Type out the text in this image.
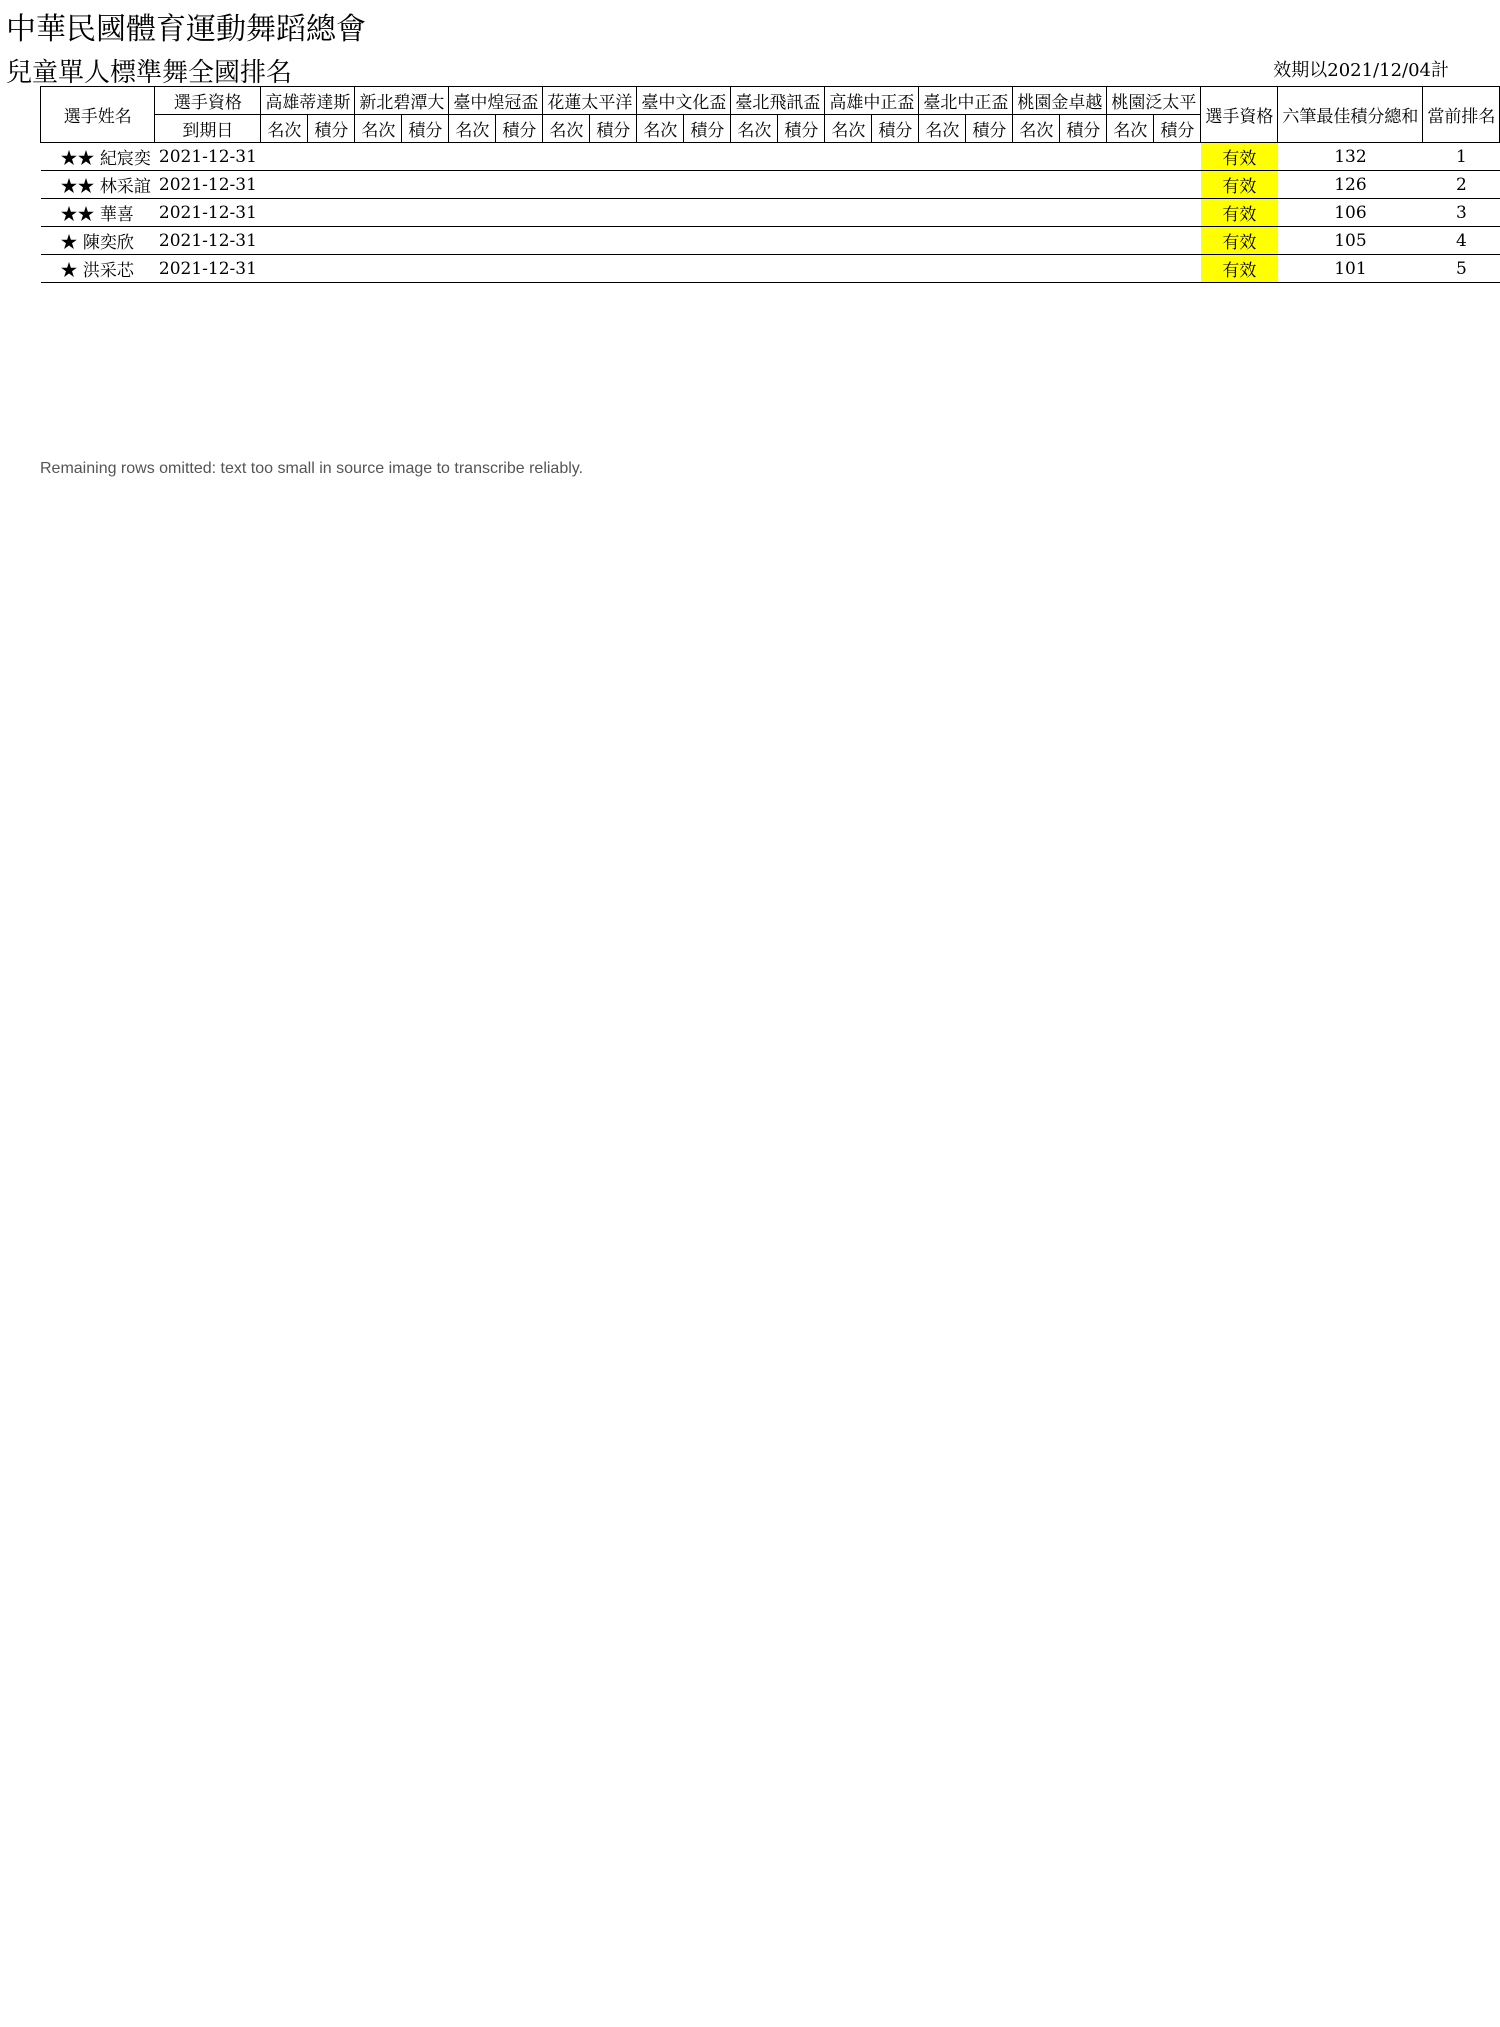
中華民國體育運動舞蹈總會
兒童單人標準舞全國排名	效期以2021/12/04計
選手姓名	選手資格	高雄蒂達斯		新北碧潭大		臺中煌冠盃		花蓮太平洋		臺中文化盃		臺北飛訊盃		高雄中正盃		臺北中正盃		桃園金卓越		桃園泛太平		選手資格	六筆最佳積分總和	當前排名
	到期日	名次	積分	名次	積分	名次	積分	名次	積分	名次	積分	名次	積分	名次	積分	名次	積分	名次	積分	名次	積分			
★★ 紀宸奕	2021-12-31																					有效	132	1
★★ 林采誼	2021-12-31																					有效	126	2
★★ 華喜	2021-12-31																					有效	106	3
★ 陳奕欣	2021-12-31																					有效	105	4
★ 洪采芯	2021-12-31																					有效	101	5
Remaining rows omitted: text too small in source image to transcribe reliably.
